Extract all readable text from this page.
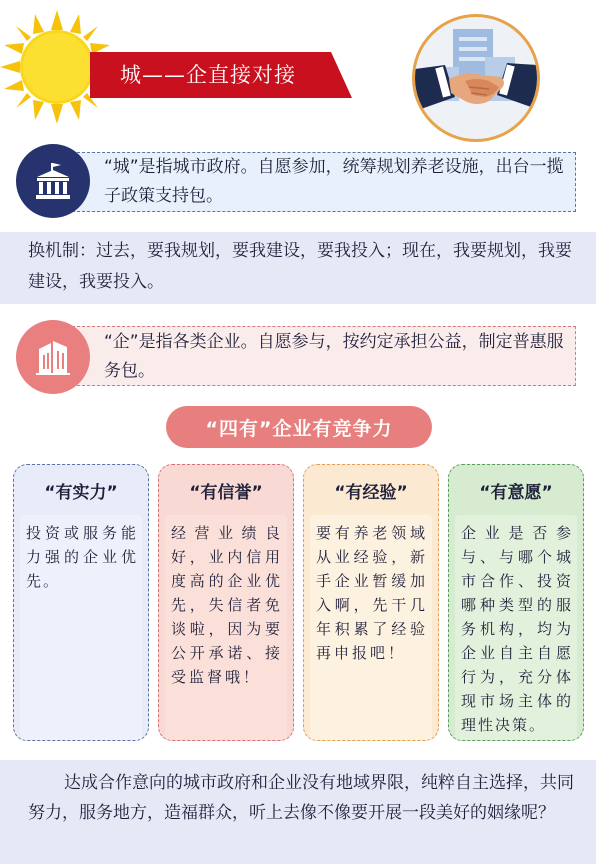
城——企直接对接
“城”是指城市政府。自愿参加，统筹规划养老设施，出台一揽子政策支持包。
换机制：过去，要我规划，要我建设，要我投入；现在，我要规划，我要建设，我要投入。
“企”是指各类企业。自愿参与，按约定承担公益，制定普惠服务包。
“四有”企业有竞争力
“有实力”
投资或服务能力强的企业优先。
“有信誉”
经营业绩良好，业内信用度高的企业优先，失信者免谈啦，因为要公开承诺、接受监督哦！
“有经验”
要有养老领域从业经验，新手企业暂缓加入啊，先干几年积累了经验再申报吧！
“有意愿”
企业是否参与、与哪个城市合作、投资哪种类型的服务机构，均为企业自主自愿行为，充分体现市场主体的理性决策。
达成合作意向的城市政府和企业没有地域界限，纯粹自主选择，共同努力，服务地方，造福群众，听上去像不像要开展一段美好的姻缘呢？
